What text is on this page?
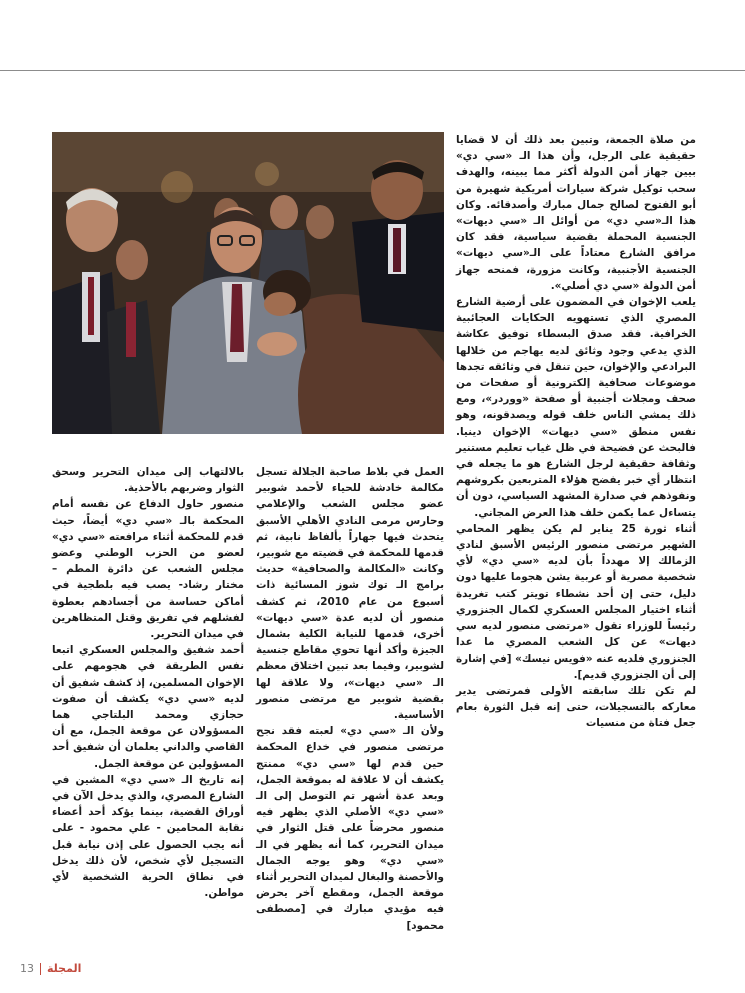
من صلاة الجمعة، وتبين بعد ذلك أن لا قضايا حقيقية على الرجل، وأن هذا الـ «سي دي» بيين جهاز أمن الدولة أكثر مما يبينه، والهدف سحب توكيل شركة سيارات أمريكية شهيرة من أبو الفتوح لصالح جمال مبارك وأصدقائه. وكان هذا الـ«سي دي» من أوائل الـ «سي ديهات» الجنسية المحملة بقضية سياسية، فقد كان مرافق الشارع معتاداً على الـ«سي ديهات» الجنسية الأجنبية، وكانت مزورة، فمنحه جهاز أمن الدولة «سي دي أصلي».

يلعب الإخوان في المضمون على أرضية الشارع المصري الذي تستهويه الحكايات العجائبية الخرافية. فقد صدق البسطاء توفيق عكاشة الذي يدعي وجود وثائق لديه يهاجم من خلالها البرادعي والإخوان، حين تنقل في وثائقه تجدها موضوعات صحافية إلكترونية أو صفحات من صحف ومجلات أجنبية أو صفحة «ووردر»، ومع ذلك يمشي الناس خلف قوله ويصدقونه، وهو نفس منطق «سي ديهات» الإخوان دينيا. فالبحث عن فضيحة في ظل غياب تعليم مستنير وثقافة حقيقية لرجل الشارع هو ما يجعله في انتظار أي خبر يفضح هؤلاء المتربعين بكروشهم ونفوذهم في صدارة المشهد السياسي، دون أن يتساءل عما يكمن خلف هذا العرض المجاني.

أثناء ثورة 25 يناير لم يكن يظهر المحامي الشهير مرتضى منصور الرئيس الأسبق لنادي الزمالك إلا مهدداً بأن لديه «سي دي» لأي شخصية مصرية أو عربية يشن هجوما عليها دون دليل، حتى إن أحد نشطاء تويتر كتب تغريدة أثناء اختيار المجلس العسكري لكمال الجنزوري رئيساً للوزراء تقول «مرتضى منصور لديه سي ديهات» عن كل الشعب المصري ما عدا الجنزوري فلديه عنه «فويس نيسك» [في إشارة إلى أن الجنزوري قديم].

لم تكن تلك سابقته الأولى فمرتضى يدير معاركه بالتسجيلات، حتى إنه قبل الثورة بعام جعل فتاة من منسيات

العمل في بلاط صاحبة الجلالة تسجل مكالمة خادشة للحياء لأحمد شوبير عضو مجلس الشعب والإعلامي وحارس مرمى النادي الأهلي الأسبق يتحدث فيها جهاراً بألفاظ نابية، ثم قدمها للمحكمة في قضيته مع شوبير، وكانت «المكالمة والصحافية» حديث برامج الـ توك شوز المسائية ذات أسبوع من عام 2010، ثم كشف منصور أن لديه عدة «سي ديهات» أخرى، قدمها للنيابة الكلية بشمال الجيزة وأكد أنها تحوي مقاطع جنسية لشوبير، وفيما بعد تبين اختلاق معظم الـ «سي ديهات»، ولا علاقة لها بقضية شوبير مع مرتضى منصور الأساسية.

ولأن الـ «سي دي» لعبته فقد نجح مرتضى منصور في خداع المحكمة حين قدم لها «سي دي» ممنتج يكشف أن لا علاقة له بموقعة الجمل، وبعد عدة أشهر تم التوصل إلى الـ «سي دي» الأصلي الذي يظهر فيه منصور محرضاً على قتل الثوار في ميدان التحرير، كما أنه يظهر في الـ «سي دي» وهو يوجه الجمال والأحصنة والبغال لميدان التحرير أثناء موقعة الجمل، ومقطع آخر يحرض فيه مؤيدي مبارك في [مصطفى محمود]

بالالتهاب إلى ميدان التحرير وسحق الثوار وضربهم بالأحذية.

منصور حاول الدفاع عن نفسه أمام المحكمة بالـ «سي دي» أيضاً، حيث قدم للمحكمة أثناء مرافعته «سي دي» لعضو من الحزب الوطني وعضو مجلس الشعب عن دائرة المطم – مختار رشاد- يصب فيه بلطجية في أماكن حساسة من أجسادهم بعطوة لفشلهم في تفريق وقتل المتظاهرين في ميدان التحرير.

أحمد شفيق والمجلس العسكري اتبعا نفس الطريقة في هجومهم على الإخوان المسلمين، إذ كشف شفيق أن لديه «سي دي» يكشف أن صفوت حجازي ومحمد البلتاجي هما المسؤولان عن موقعة الجمل، مع أن القاصي والداني يعلمان أن شفيق أحد المسؤولين عن موقعة الجمل.

إنه تاريخ الـ «سي دي» المشين في الشارع المصري، والذي يدخل الآن في أوراق القضية، بينما يؤكد أحد أعضاء نقابة المحامين - علي محمود - على أنه يجب الحصول على إذن نيابة قبل التسجيل لأي شخص، لأن ذلك يدخل في نطاق الحرية الشخصية لأي مواطن.

13 المجلة
